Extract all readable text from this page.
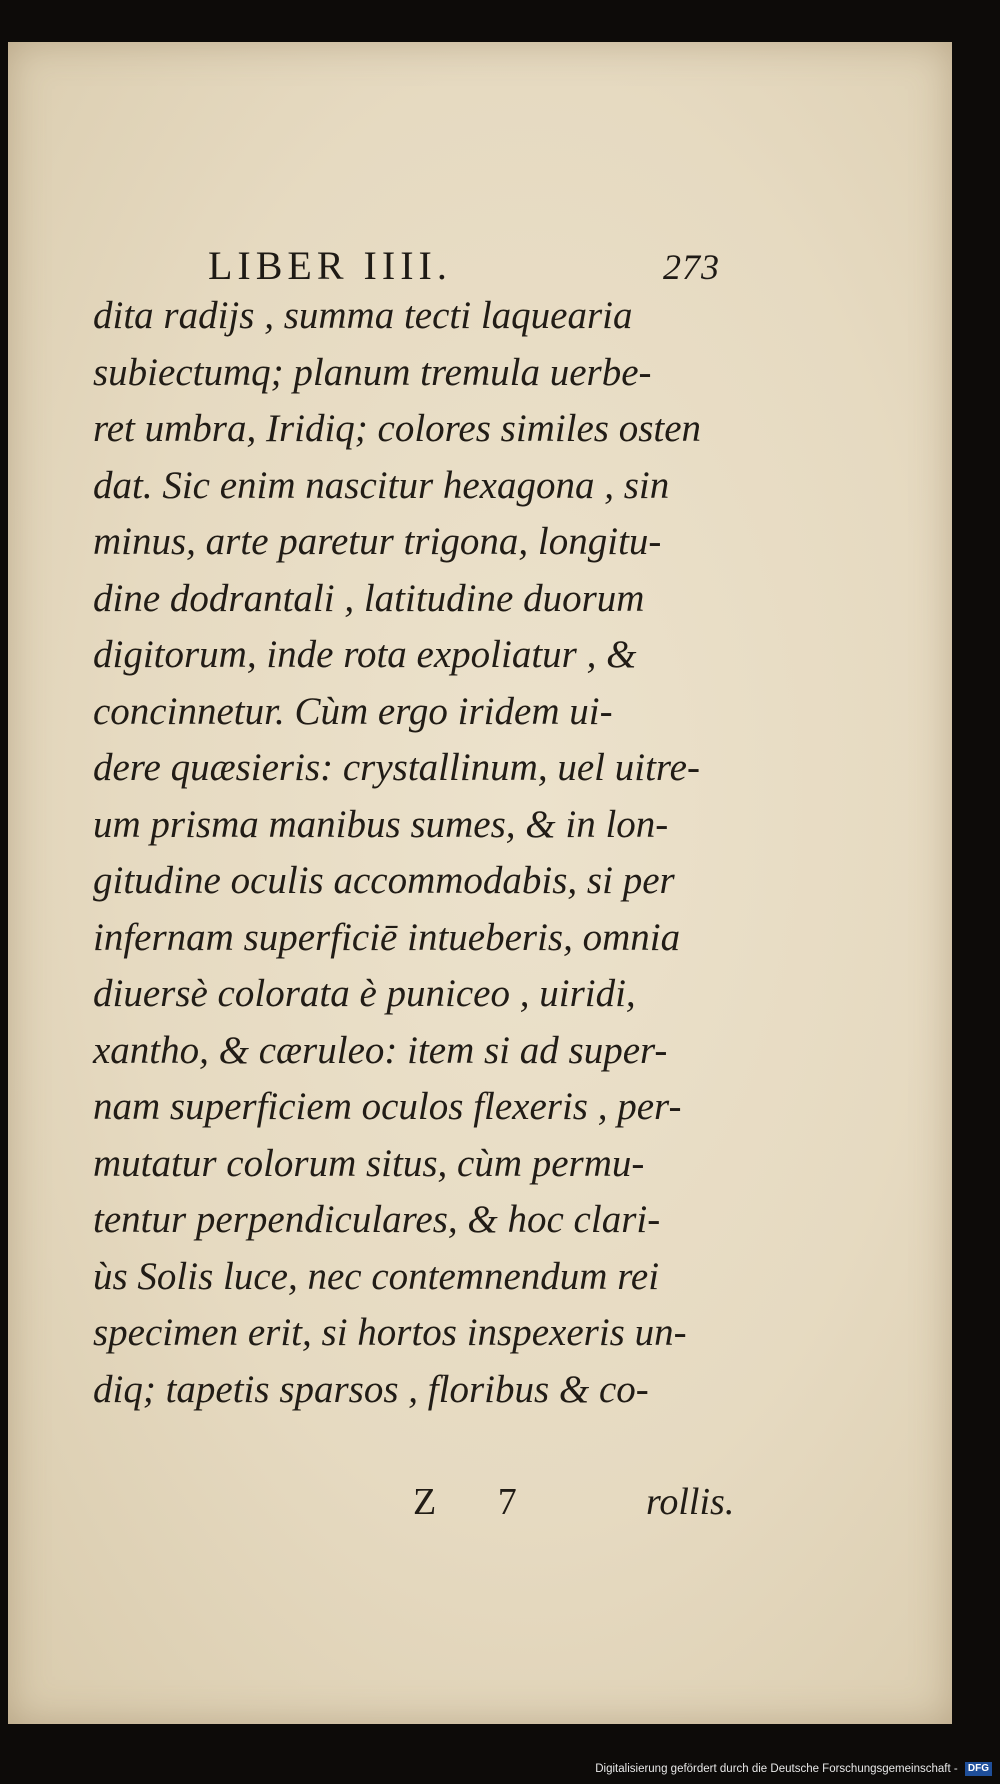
LIBER IIII.	273
dita radijs , summa tecti laquearia
subiectumq; planum tremula uerbe-
ret umbra, Iridiq; colores similes osten
dat. Sic enim nascitur hexagona , sin
minus, arte paretur trigona, longitu-
dine dodrantali , latitudine duorum
digitorum, inde rota expoliatur , &
concinnetur. Cùm ergo iridem ui-
dere quæsieris: crystallinum, uel uitre-
um prisma manibus sumes, & in lon-
gitudine oculis accommodabis, si per
infernam superficiē intueberis, omnia
diuersè colorata è puniceo , uiridi,
xantho, & cæruleo: item si ad super-
nam superficiem oculos flexeris , per-
mutatur colorum situs, cùm permu-
tentur perpendiculares, & hoc clari-
ùs Solis luce, nec contemnendum rei
specimen erit, si hortos inspexeris un-
diq; tapetis sparsos , floribus & co-
Z 7	rollis.
Digitalisierung gefördert durch die Deutsche Forschungsgemeinschaft - DFG
